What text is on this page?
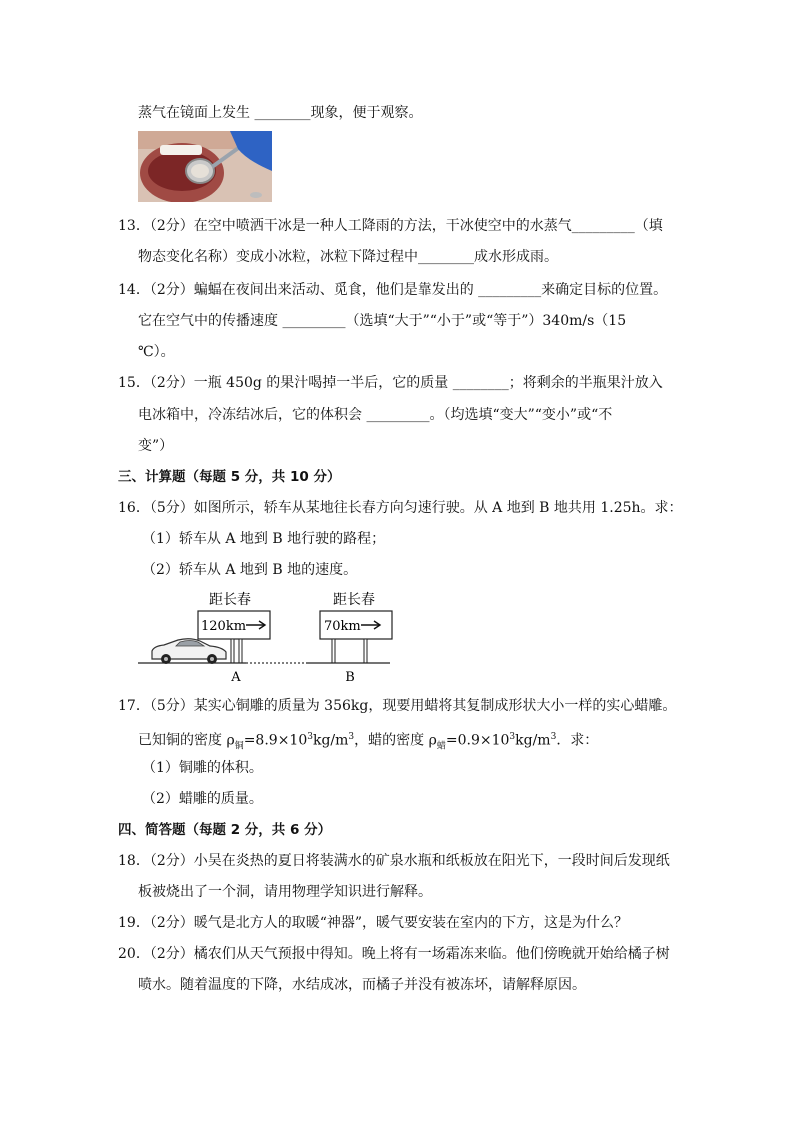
蒸气在镜面上发生 ________现象，便于观察。
13．（2分）在空中喷洒干冰是一种人工降雨的方法，干冰使空中的水蒸气_________（填
物态变化名称）变成小冰粒，冰粒下降过程中________成水形成雨。
14．（2分）蝙蝠在夜间出来活动、觅食，他们是靠发出的 _________来确定目标的位置。
它在空气中的传播速度 _________（选填“大于”“小于”或“等于”）340m/s（15
℃）。
15．（2分）一瓶 450g 的果汁喝掉一半后，它的质量 ________；将剩余的半瓶果汁放入
电冰箱中，冷冻结冰后，它的体积会 _________。（均选填“变大”“变小”或“不
变”）
三、计算题（每题 5 分，共 10 分）
16．（5分）如图所示，轿车从某地往长春方向匀速行驶。从 A 地到 B 地共用 1.25h。求：
（1）轿车从 A 地到 B 地行驶的路程；
（2）轿车从 A 地到 B 地的速度。
距长春
120km
距长春
70km
A	B
17．（5分）某实心铜雕的质量为 356kg，现要用蜡将其复制成形状大小一样的实心蜡雕。
已知铜的密度 $\rho_铜=8.9\times 10^3kg/m^3$，蜡的密度 $\rho_蜡=0.9\times 10^3kg/m^3$．求：
（1）铜雕的体积。
（2）蜡雕的质量。
四、简答题（每题 2 分，共 6 分）
18．（2分）小吴在炎热的夏日将装满水的矿泉水瓶和纸板放在阳光下，一段时间后发现纸
板被烧出了一个洞，请用物理学知识进行解释。
19．（2分）暖气是北方人的取暖“神器”，暖气要安装在室内的下方，这是为什么？
20．（2分）橘农们从天气预报中得知。晚上将有一场霜冻来临。他们傍晚就开始给橘子树
喷水。随着温度的下降，水结成冰，而橘子并没有被冻坏，请解释原因。
